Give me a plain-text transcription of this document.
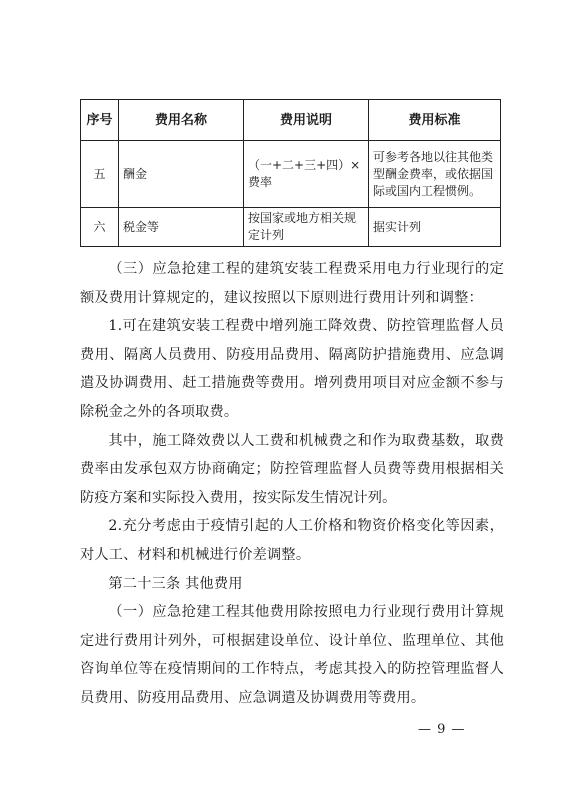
序号	费用名称	费用说明	费用标准
五	酬金	（一+二+三+四）×费率	可参考各地以往其他类型酬金费率，或依据国际或国内工程惯例。
六	税金等	按国家或地方相关规定计列	据实计列

（三）应急抢建工程的建筑安装工程费采用电力行业现行的定额及费用计算规定的，建议按照以下原则进行费用计列和调整：

1.可在建筑安装工程费中增列施工降效费、防控管理监督人员费用、隔离人员费用、防疫用品费用、隔离防护措施费用、应急调遣及协调费用、赶工措施费等费用。增列费用项目对应金额不参与除税金之外的各项取费。

其中，施工降效费以人工费和机械费之和作为取费基数，取费费率由发承包双方协商确定；防控管理监督人员费等费用根据相关防疫方案和实际投入费用，按实际发生情况计列。

2.充分考虑由于疫情引起的人工价格和物资价格变化等因素，对人工、材料和机械进行价差调整。

第二十三条 其他费用

（一）应急抢建工程其他费用除按照电力行业现行费用计算规定进行费用计列外，可根据建设单位、设计单位、监理单位、其他咨询单位等在疫情期间的工作特点，考虑其投入的防控管理监督人员费用、防疫用品费用、应急调遣及协调费用等费用。

— 9 —
